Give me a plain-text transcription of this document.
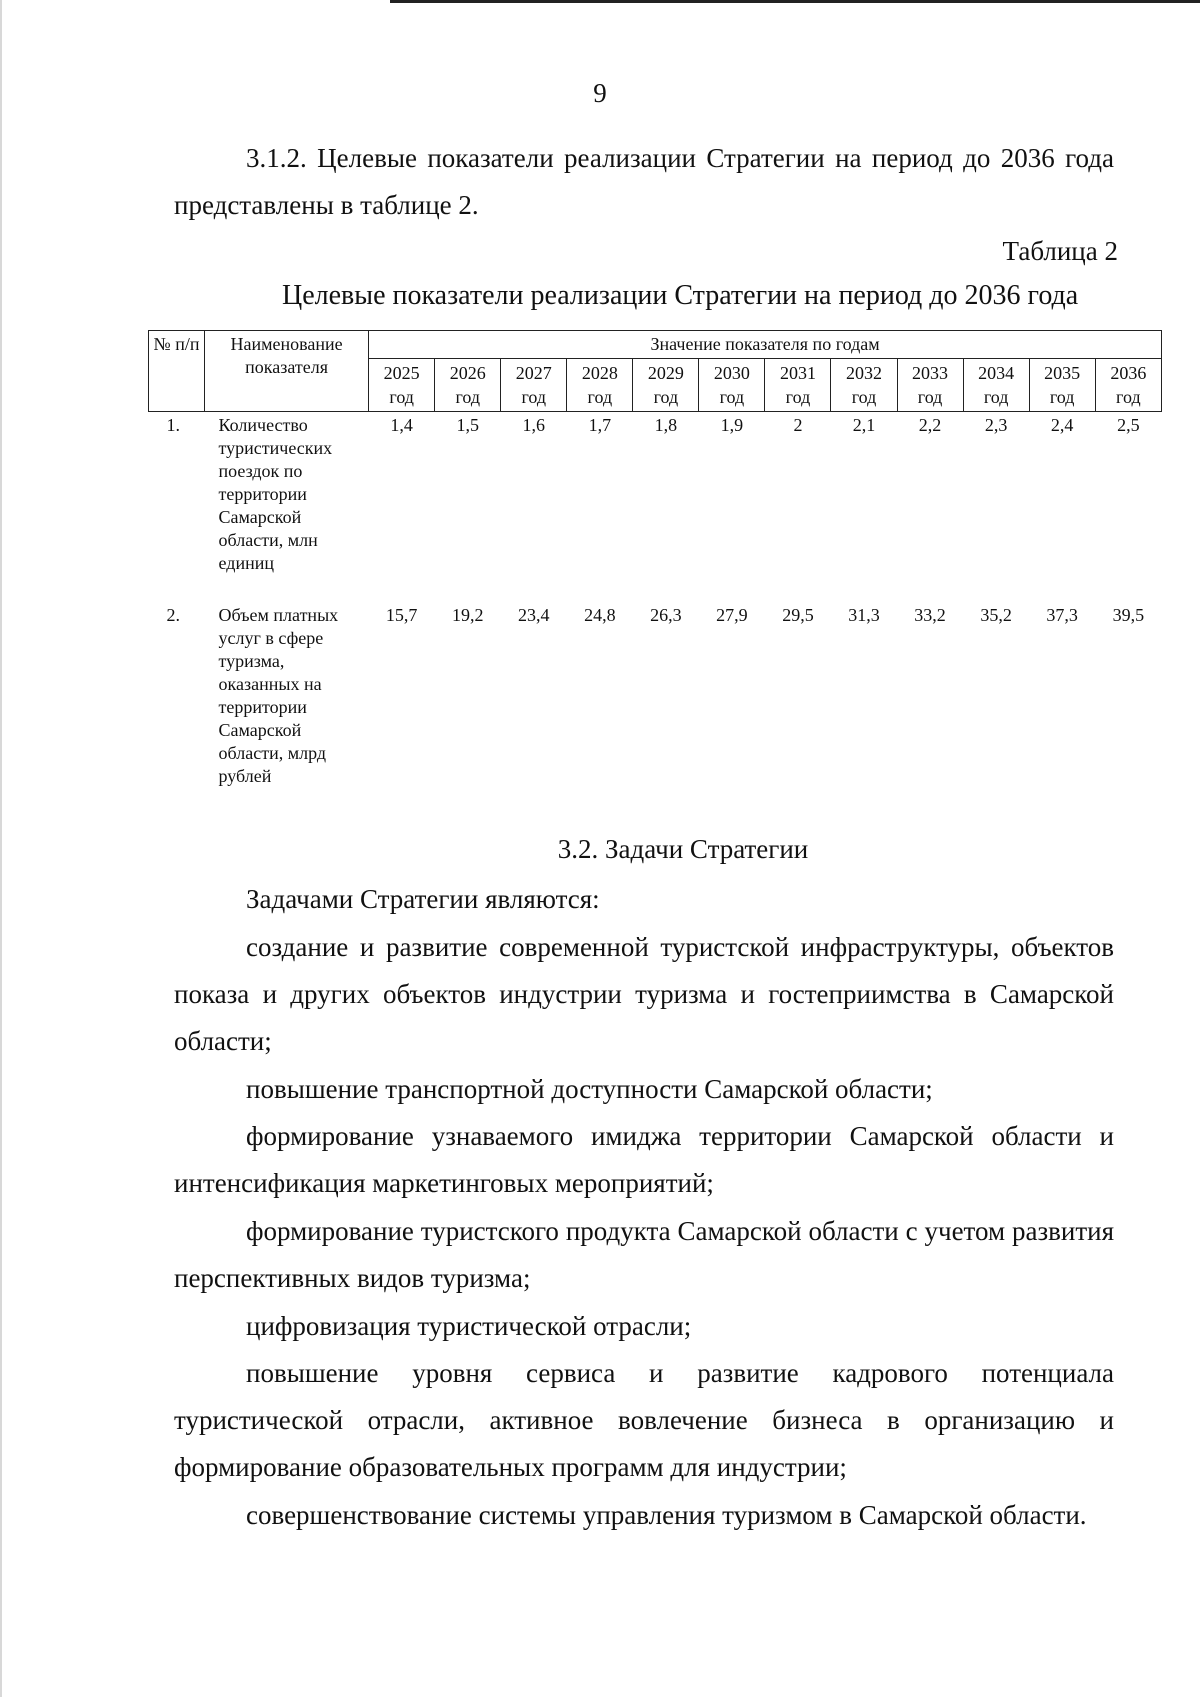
9
3.1.2. Целевые показатели реализации Стратегии на период до 2036 года представлены в таблице 2.
Таблица 2
Целевые показатели реализации Стратегии на период до 2036 года
№ п/п	Наименование показателя	Значение показателя по годам											
		2025 год	2026 год	2027 год	2028 год	2029 год	2030 год	2031 год	2032 год	2033 год	2034 год	2035 год	2036 год
1.	Количество туристических поездок по территории Самарской области, млн единиц	1,4	1,5	1,6	1,7	1,8	1,9	2	2,1	2,2	2,3	2,4	2,5
2.	Объем платных услуг в сфере туризма, оказанных на территории Самарской области, млрд рублей	15,7	19,2	23,4	24,8	26,3	27,9	29,5	31,3	33,2	35,2	37,3	39,5
3.2. Задачи Стратегии
Задачами Стратегии являются:
создание и развитие современной туристской инфраструктуры, объектов показа и других объектов индустрии туризма и гостеприимства в Самарской области;
повышение транспортной доступности Самарской области;
формирование узнаваемого имиджа территории Самарской области и интенсификация маркетинговых мероприятий;
формирование туристского продукта Самарской области с учетом развития перспективных видов туризма;
цифровизация туристической отрасли;
повышение уровня сервиса и развитие кадрового потенциала туристической отрасли, активное вовлечение бизнеса в организацию и формирование образовательных программ для индустрии;
совершенствование системы управления туризмом в Самарской области.
